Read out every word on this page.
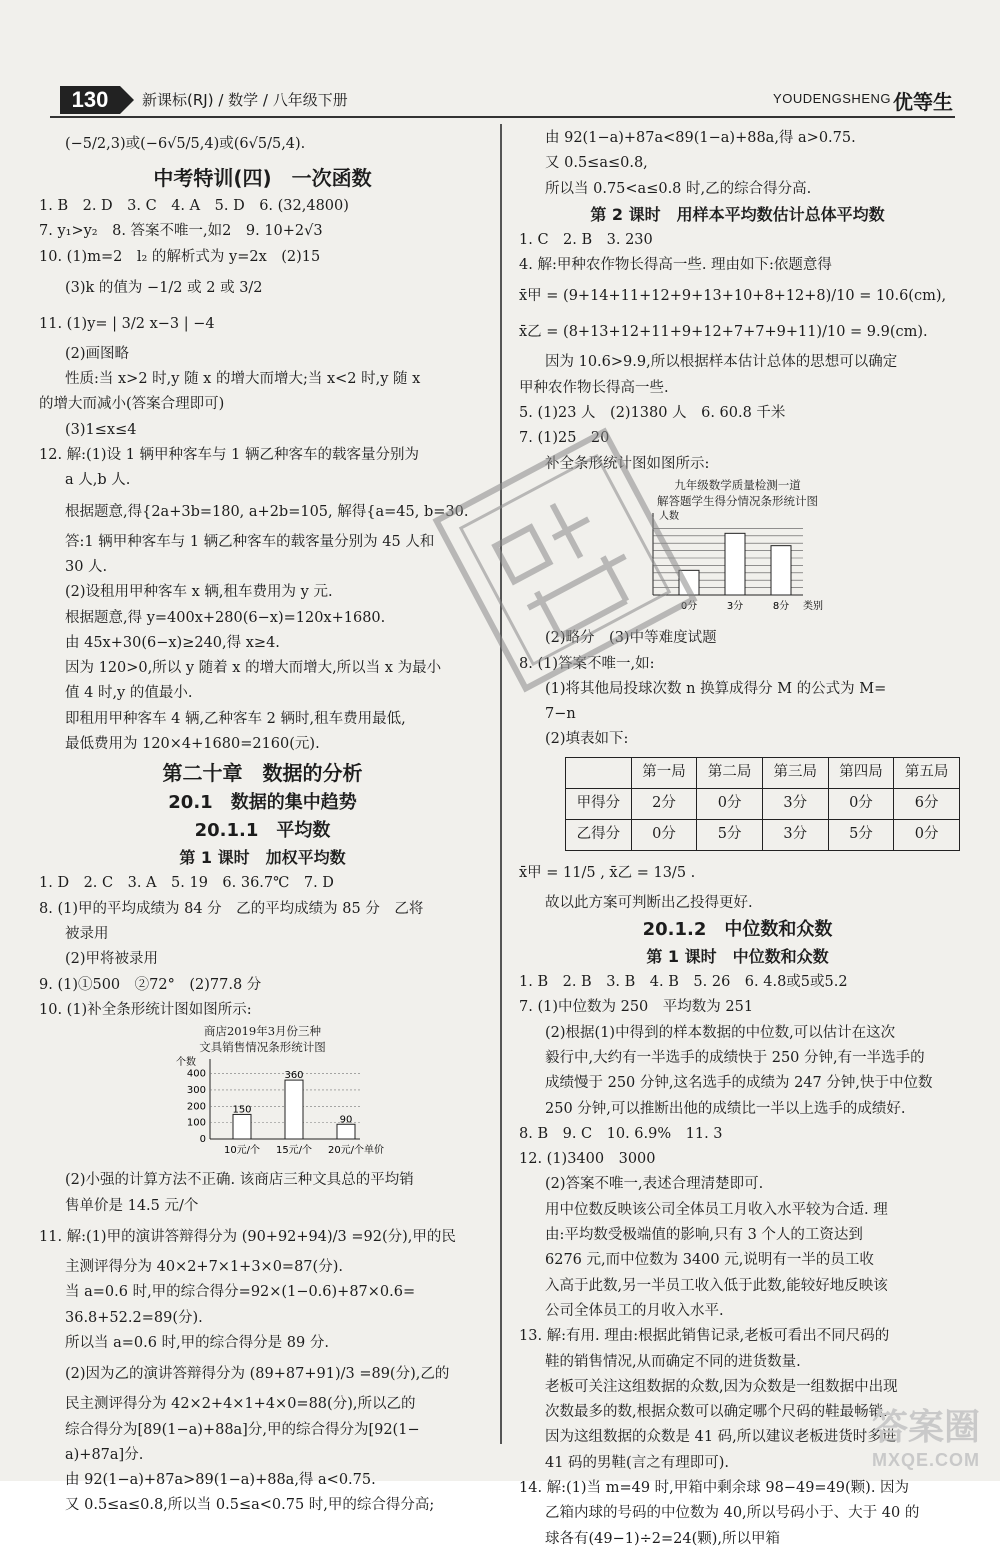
130	新课标(RJ) / 数学 / 八年级下册	YOUDENGSHENG 优等生
(−5/2,3)或(−6√5/5,4)或(6√5/5,4).
中考特训(四)　一次函数
1. B　2. D　3. C　4. A　5. D　6. (32,4800)
7. y₁>y₂　8. 答案不唯一,如2　9. 10+2√3
10. (1)m=2　l₂ 的解析式为 y=2x　(2)15
(3)k 的值为 −1/2 或 2 或 3/2
11. (1)y= | 3/2 x−3 | −4
(2)画图略
性质:当 x>2 时,y 随 x 的增大而增大;当 x<2 时,y 随 x
的增大而减小(答案合理即可)
(3)1≤x≤4
12. 解:(1)设 1 辆甲种客车与 1 辆乙种客车的载客量分别为
a 人,b 人.
根据题意,得{2a+3b=180, a+2b=105, 解得{a=45, b=30.
答:1 辆甲种客车与 1 辆乙种客车的载客量分别为 45 人和
30 人.
(2)设租用甲种客车 x 辆,租车费用为 y 元.
根据题意,得 y=400x+280(6−x)=120x+1680.
由 45x+30(6−x)≥240,得 x≥4.
因为 120>0,所以 y 随着 x 的增大而增大,所以当 x 为最小
值 4 时,y 的值最小.
即租用甲种客车 4 辆,乙种客车 2 辆时,租车费用最低,
最低费用为 120×4+1680=2160(元).
第二十章　数据的分析
20.1　数据的集中趋势
20.1.1　平均数
第 1 课时　加权平均数
1. D　2. C　3. A　5. 19　6. 36.7℃　7. D
8. (1)甲的平均成绩为 84 分　乙的平均成绩为 85 分　乙将
被录用
(2)甲将被录用
9. (1)①500　②72°　(2)77.8 分
10. (1)补全条形统计图如图所示:
商店2019年3月份三种
文具销售情况条形统计图
个数
0
100
200
300
400
150
10元/个
360
15元/个
90
20元/个 单价
(2)小强的计算方法不正确. 该商店三种文具总的平均销
售单价是 14.5 元/个
11. 解:(1)甲的演讲答辩得分为 (90+92+94)/3 =92(分),甲的民
主测评得分为 40×2+7×1+3×0=87(分).
当 a=0.6 时,甲的综合得分=92×(1−0.6)+87×0.6=
36.8+52.2=89(分).
所以当 a=0.6 时,甲的综合得分是 89 分.
(2)因为乙的演讲答辩得分为 (89+87+91)/3 =89(分),乙的
民主测评得分为 42×2+4×1+4×0=88(分),所以乙的
综合得分为[89(1−a)+88a]分,甲的综合得分为[92(1−
a)+87a]分.
由 92(1−a)+87a>89(1−a)+88a,得 a<0.75.
又 0.5≤a≤0.8,所以当 0.5≤a<0.75 时,甲的综合得分高;
由 92(1−a)+87a<89(1−a)+88a,得 a>0.75.
又 0.5≤a≤0.8,
所以当 0.75<a≤0.8 时,乙的综合得分高.
第 2 课时　用样本平均数估计总体平均数
1. C　2. B　3. 230
4. 解:甲种农作物长得高一些. 理由如下:依题意得
x̄甲 = (9+14+11+12+9+13+10+8+12+8)/10 = 10.6(cm),
x̄乙 = (8+13+12+11+9+12+7+7+9+11)/10 = 9.9(cm).
因为 10.6>9.9,所以根据样本估计总体的思想可以确定
甲种农作物长得高一些.
5. (1)23 人　(2)1380 人　6. 60.8 千米
7. (1)25　20
补全条形统计图如图所示:
九年级数学质量检测一道
解答题学生得分情况条形统计图
人数
0分	3分	8分 类别
(2)略分　(3)中等难度试题
8. (1)答案不唯一,如:
(1)将其他局投球次数 n 换算成得分 M 的公式为 M=
7−n
(2)填表如下:
	第一局	第二局	第三局	第四局	第五局
甲得分	2分	0分	3分	0分	6分
乙得分	0分	5分	3分	5分	0分
x̄甲 = 11/5 , x̄乙 = 13/5 .
故以此方案可判断出乙投得更好.
20.1.2　中位数和众数
第 1 课时　中位数和众数
1. B　2. B　3. B　4. B　5. 26　6. 4.8或5或5.2
7. (1)中位数为 250　平均数为 251
(2)根据(1)中得到的样本数据的中位数,可以估计在这次
毅行中,大约有一半选手的成绩快于 250 分钟,有一半选手的
成绩慢于 250 分钟,这名选手的成绩为 247 分钟,快于中位数
250 分钟,可以推断出他的成绩比一半以上选手的成绩好.
8. B　9. C　10. 6.9%　11. 3
12. (1)3400　3000
(2)答案不唯一,表述合理清楚即可.
用中位数反映该公司全体员工月收入水平较为合适. 理
由:平均数受极端值的影响,只有 3 个人的工资达到
6276 元,而中位数为 3400 元,说明有一半的员工收
入高于此数,另一半员工收入低于此数,能较好地反映该
公司全体员工的月收入水平.
13. 解:有用. 理由:根据此销售记录,老板可看出不同尺码的
鞋的销售情况,从而确定不同的进货数量.
老板可关注这组数据的众数,因为众数是一组数据中出现
次数最多的数,根据众数可以确定哪个尺码的鞋最畅销.
因为这组数据的众数是 41 码,所以建议老板进货时多进
41 码的男鞋(言之有理即可).
14. 解:(1)当 m=49 时,甲箱中剩余球 98−49=49(颗). 因为
乙箱内球的号码的中位数为 40,所以号码小于、大于 40 的
球各有(49−1)÷2=24(颗),所以甲箱
答案圈
MXQE.COM
